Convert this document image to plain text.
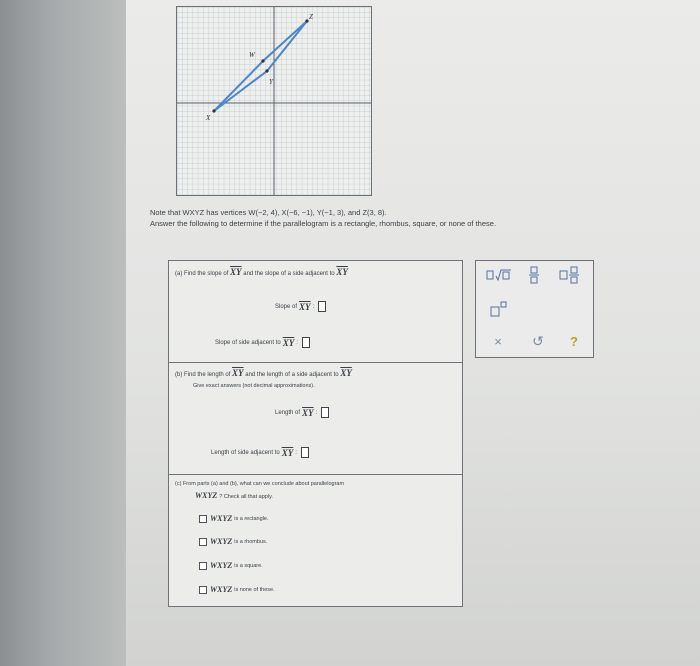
W
X
Y
Z
Note that WXYZ has vertices W(−2, 4), X(−6, −1), Y(−1, 3), and Z(3, 8).
Answer the following to determine if the parallelogram is a rectangle, rhombus, square, or none of these.
(a) Find the slope of $\overline{XY}$ and the slope of a side adjacent to $\overline{XY}$
Slope of $\overline{XY}$ :
Slope of side adjacent to $\overline{XY}$ :
(b) Find the length of $\overline{XY}$ and the length of a side adjacent to $\overline{XY}$
Give exact answers (not decimal approximations).
Length of $\overline{XY}$ :
Length of side adjacent to $\overline{XY}$ :
(c) From parts (a) and (b), what can we conclude about parallelogram
WXYZ ? Check all that apply.
WXYZ is a rectangle.
WXYZ is a rhombus.
WXYZ is a square.
WXYZ is none of these.
× ↺ ?
